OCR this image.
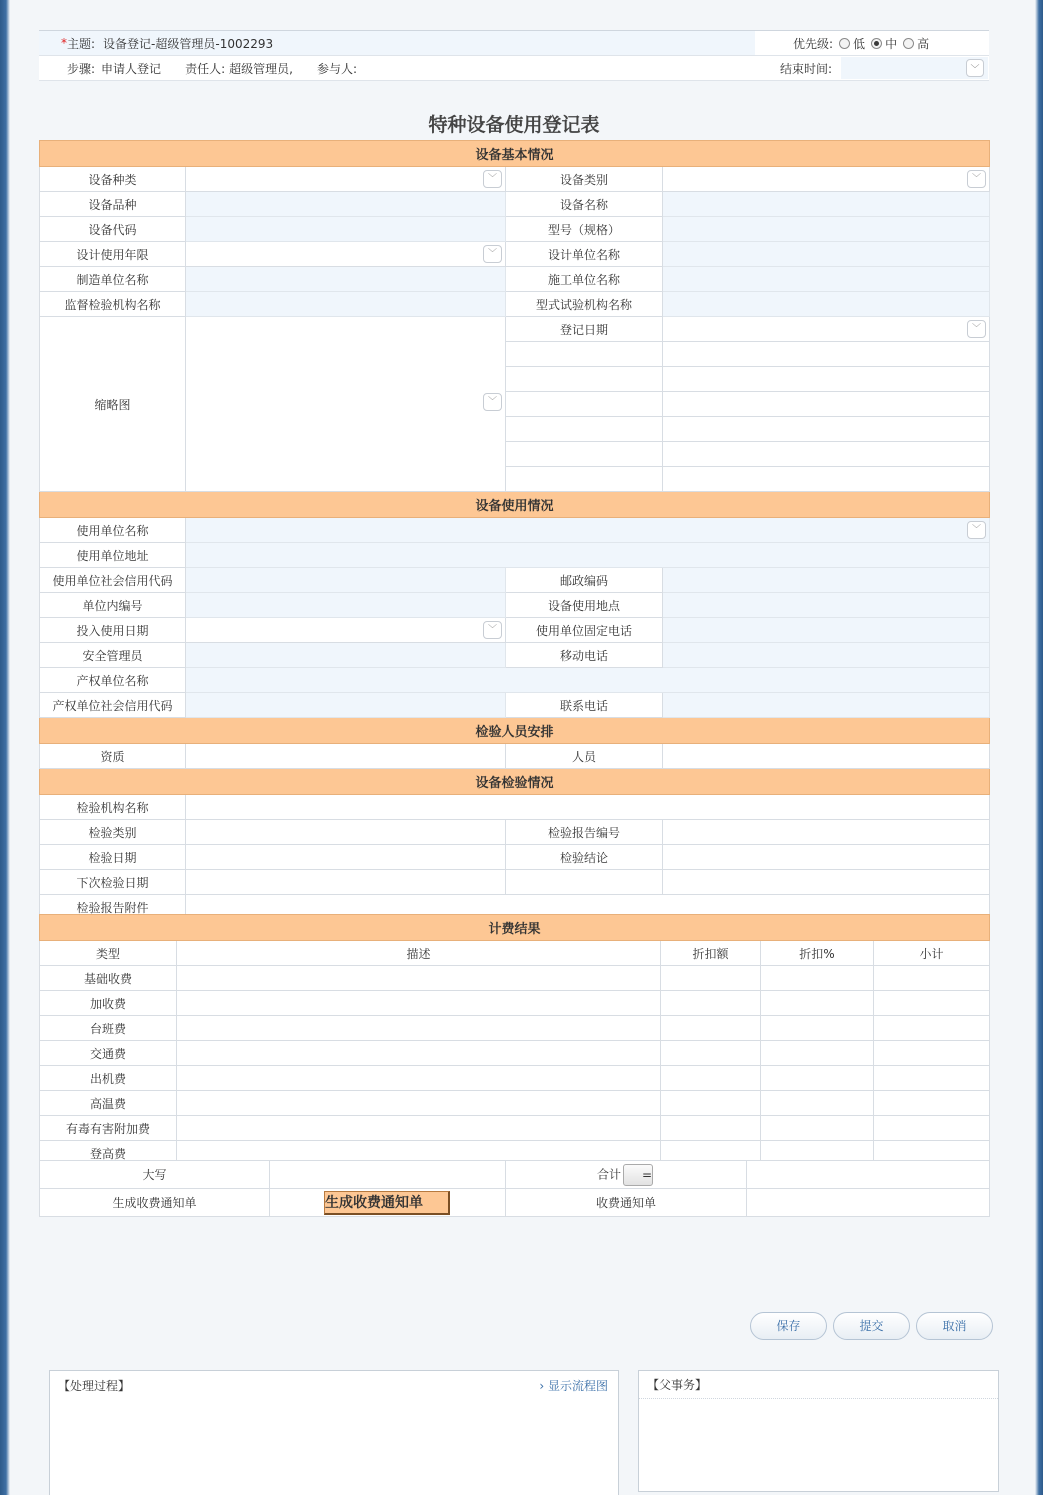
* 主题: 设备登记-超级管理员-1002293	优先级: 低 中 高
步骤: 申请人登记 责任人: 超级管理员, 参与人:	结束时间:	﹀
特种设备使用登记表
设备基本情况			
设备种类	﹀	设备类别	﹀

设备品种		设备名称	
设备代码		型号（规格）	
设计使用年限	﹀	设计单位名称	
制造单位名称		施工单位名称	
监督检验机构名称		型式试验机构名称	
缩略图	﹀	登记日期	﹀

设备使用情况			
使用单位名称	﹀		

使用单位地址			
使用单位社会信用代码		邮政编码	
单位内编号		设备使用地点	
投入使用日期	﹀	使用单位固定电话	
安全管理员		移动电话	
产权单位名称			
产权单位社会信用代码		联系电话	
检验人员安排			
资质		人员	
设备检验情况			
检验机构名称			
检验类别		检验报告编号	
检验日期		检验结论	
下次检验日期			
检验报告附件			
计费结果				
类型	描述	折扣额	折扣%	小计
基础收费				
加收费				
台班费				
交通费				
出机费				
高温费				
有毒有害附加费				
登高费				
大写		合计 =	
生成收费通知单	生成收费通知单	收费通知单	
保存	提交	取消
【处理过程】	› 显示流程图	【父事务】
